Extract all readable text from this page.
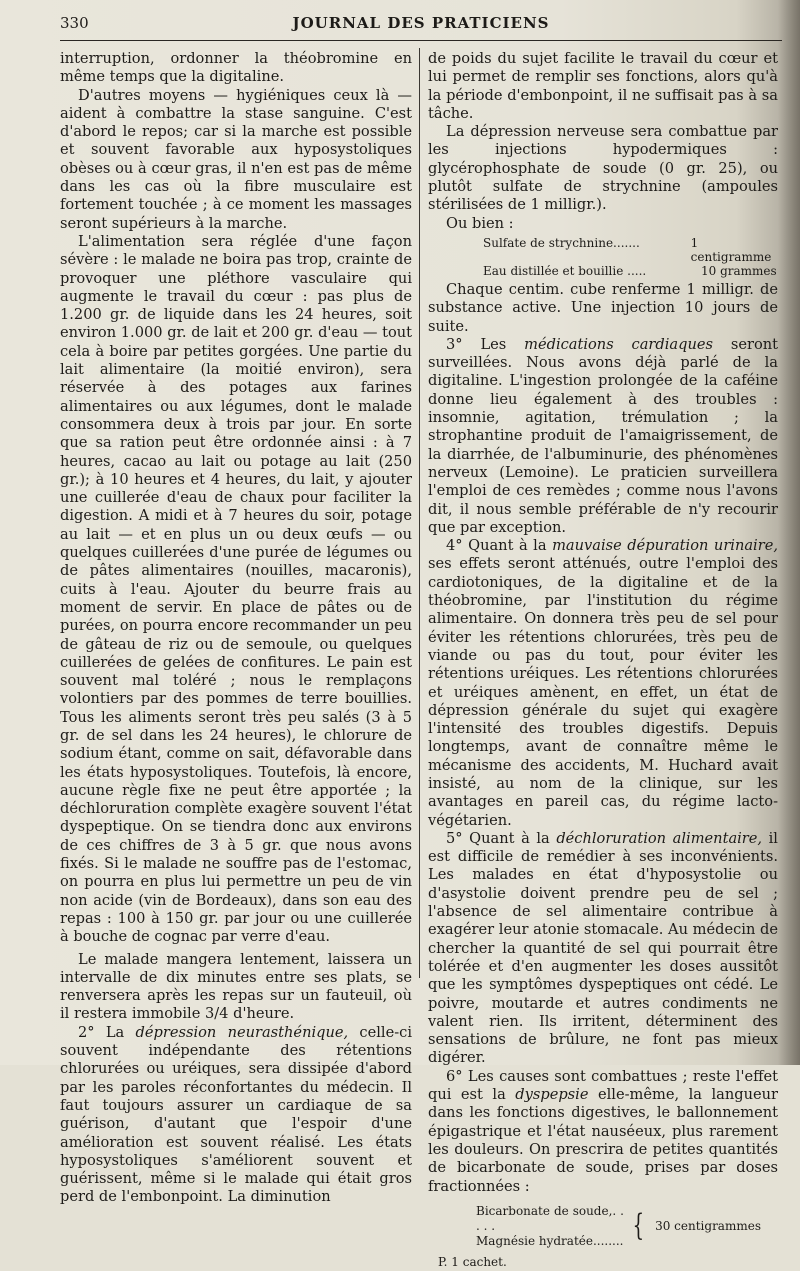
330	JOURNAL DES PRATICIENS

interruption, ordonner la théobromine en même temps que la digitaline.

D'autres moyens — hygiéniques ceux là — aident à combattre la stase sanguine. C'est d'abord le repos; car si la marche est possible et souvent favorable aux hyposystoliques obèses ou à cœur gras, il n'en est pas de même dans les cas où la fibre musculaire est fortement touchée ; à ce moment les massages seront supérieurs à la marche.

L'alimentation sera réglée d'une façon sévère : le malade ne boira pas trop, crainte de provoquer une pléthore vasculaire qui augmente le travail du cœur : pas plus de 1.200 gr. de liquide dans les 24 heures, soit environ 1.000 gr. de lait et 200 gr. d'eau — tout cela à boire par petites gorgées. Une partie du lait alimentaire (la moitié environ), sera réservée à des potages aux farines alimentaires ou aux légumes, dont le malade consommera deux à trois par jour. En sorte que sa ration peut être ordonnée ainsi : à 7 heures, cacao au lait ou potage au lait (250 gr.); à 10 heures et 4 heures, du lait, y ajouter une cuillerée d'eau de chaux pour faciliter la digestion. A midi et à 7 heures du soir, potage au lait — et en plus un ou deux œufs — ou quelques cuillerées d'une purée de légumes ou de pâtes alimentaires (nouilles, macaronis), cuits à l'eau. Ajouter du beurre frais au moment de servir. En place de pâtes ou de purées, on pourra encore recommander un peu de gâteau de riz ou de semoule, ou quelques cuillerées de gelées de confitures. Le pain est souvent mal toléré ; nous le remplaçons volontiers par des pommes de terre bouillies. Tous les aliments seront très peu salés (3 à 5 gr. de sel dans les 24 heures), le chlorure de sodium étant, comme on sait, défavorable dans les états hyposystoliques. Toutefois, là encore, aucune règle fixe ne peut être apportée ; la déchloruration complète exagère souvent l'état dyspeptique. On se tiendra donc aux environs de ces chiffres de 3 à 5 gr. que nous avons fixés. Si le malade ne souffre pas de l'estomac, on pourra en plus lui permettre un peu de vin non acide (vin de Bordeaux), dans son eau des repas : 100 à 150 gr. par jour ou une cuillerée à bouche de cognac par verre d'eau.

Le malade mangera lentement, laissera un intervalle de dix minutes entre ses plats, se renversera après les repas sur un fauteuil, où il restera immobile 3/4 d'heure.

2° La dépression neurasthénique, celle-ci souvent indépendante des rétentions chlorurées ou uréiques, sera dissipée d'abord par les paroles réconfortantes du médecin. Il faut toujours assurer un cardiaque de sa guérison, d'autant que l'espoir d'une amélioration est souvent réalisé. Les états hyposystoliques s'améliorent souvent et guérissent, même si le malade qui était gros perd de l'embonpoint. La diminution

de poids du sujet facilite le travail du cœur et lui permet de remplir ses fonctions, alors qu'à la période d'embonpoint, il ne suffisait pas à sa tâche.

La dépression nerveuse sera combattue par les injections hypodermiques : glycérophosphate de soude (0 gr. 25), ou plutôt sulfate de strychnine (ampoules stérilisées de 1 milligr.).

Ou bien :

Sulfate de strychnine.......	1 centigramme
Eau distillée et bouillie .....	10 grammes

Chaque centim. cube renferme 1 milligr. de substance active. Une injection 10 jours de suite.

3° Les médications cardiaques seront surveillées. Nous avons déjà parlé de la digitaline. L'ingestion prolongée de la caféine donne lieu également à des troubles : insomnie, agitation, trémulation ; la strophantine produit de l'amaigrissement, de la diarrhée, de l'albuminurie, des phénomènes nerveux (Lemoine). Le praticien surveillera l'emploi de ces remèdes ; comme nous l'avons dit, il nous semble préférable de n'y recourir que par exception.

4° Quant à la mauvaise dépuration urinaire, ses effets seront atténués, outre l'emploi des cardiotoniques, de la digitaline et de la théobromine, par l'institution du régime alimentaire. On donnera très peu de sel pour éviter les rétentions chlorurées, très peu de viande ou pas du tout, pour éviter les rétentions uréiques. Les rétentions chlorurées et uréiques amènent, en effet, un état de dépression générale du sujet qui exagère l'intensité des troubles digestifs. Depuis longtemps, avant de connaître même le mécanisme des accidents, M. Huchard avait insisté, au nom de la clinique, sur les avantages en pareil cas, du régime lacto-végétarien.

5° Quant à la déchloruration alimentaire, il est difficile de remédier à ses inconvénients. Les malades en état d'hyposystolie ou d'asystolie doivent prendre peu de sel ; l'absence de sel alimentaire contribue à exagérer leur atonie stomacale. Au médecin de chercher la quantité de sel qui pourrait être tolérée et d'en augmenter les doses aussitôt que les symptômes dyspeptiques ont cédé. Le poivre, moutarde et autres condiments ne valent rien. Ils irritent, déterminent des sensations de brûlure, ne font pas mieux digérer.

6° Les causes sont combattues ; reste l'effet qui est la dyspepsie elle-même, la langueur dans les fonctions digestives, le ballonnement épigastrique et l'état nauséeux, plus rarement les douleurs. On prescrira de petites quantités de bicarbonate de soude, prises par doses fractionnées :

Bicarbonate de soude,. . . . .
Magnésie hydratée........ { 30 centigrammes
P. 1 cachet.
